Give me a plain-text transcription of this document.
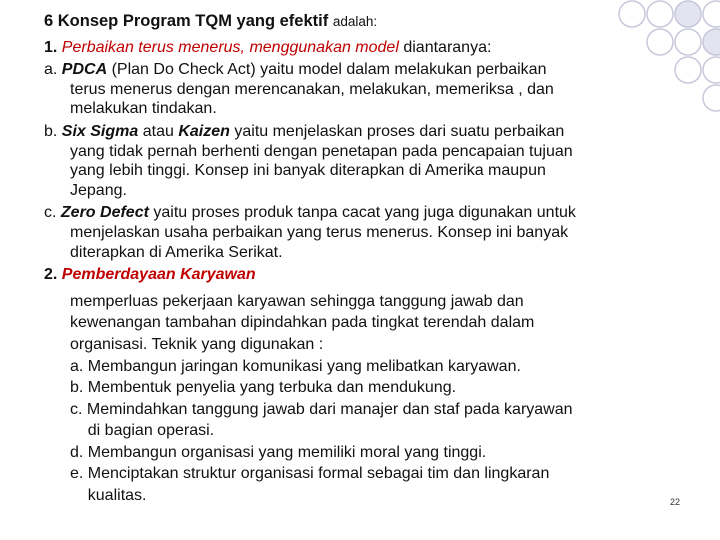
6 Konsep Program TQM yang efektif adalah:
1. Perbaikan terus menerus, menggunakan model diantaranya:
a. PDCA (Plan Do Check Act) yaitu model dalam melakukan perbaikan
terus menerus dengan merencanakan, melakukan, memeriksa , dan
melakukan tindakan.
b. Six Sigma atau Kaizen yaitu menjelaskan proses dari suatu perbaikan
yang tidak pernah berhenti dengan penetapan pada pencapaian tujuan
yang lebih tinggi. Konsep ini banyak diterapkan di Amerika maupun
Jepang.
c. Zero Defect yaitu proses produk tanpa cacat yang juga digunakan untuk
menjelaskan usaha perbaikan yang terus menerus. Konsep ini banyak
diterapkan di Amerika Serikat.
2. Pemberdayaan Karyawan
memperluas pekerjaan karyawan sehingga tanggung jawab dan
kewenangan tambahan dipindahkan pada tingkat terendah dalam
organisasi. Teknik yang digunakan :
a. Membangun jaringan komunikasi yang melibatkan karyawan.
b. Membentuk penyelia yang terbuka dan mendukung.
c. Memindahkan tanggung jawab dari manajer dan staf pada karyawan
di bagian operasi.
d. Membangun organisasi yang memiliki moral yang tinggi.
e. Menciptakan struktur organisasi formal sebagai tim dan lingkaran
kualitas.	22
